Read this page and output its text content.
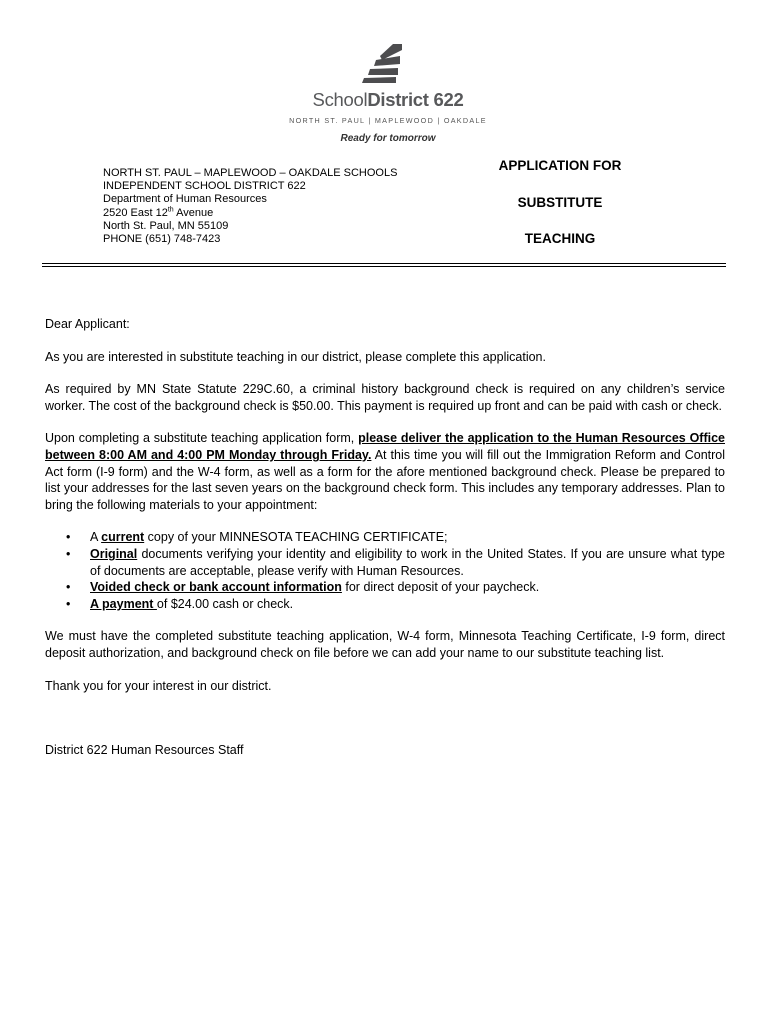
SchoolDistrict 622
NORTH ST. PAUL | MAPLEWOOD | OAKDALE
Ready for tomorrow
NORTH ST. PAUL – MAPLEWOOD – OAKDALE SCHOOLS
INDEPENDENT SCHOOL DISTRICT 622
Department of Human Resources
2520 East 12th Avenue
North St. Paul, MN 55109
PHONE (651) 748-7423
APPLICATION FOR
SUBSTITUTE
TEACHING

Dear Applicant:

As you are interested in substitute teaching in our district, please complete this application.

As required by MN State Statute 229C.60, a criminal history background check is required on any children’s service worker. The cost of the background check is $50.00. This payment is required up front and can be paid with cash or check.

Upon completing a substitute teaching application form, please deliver the application to the Human Resources Office between 8:00 AM and 4:00 PM Monday through Friday. At this time you will fill out the Immigration Reform and Control Act form (I-9 form) and the W-4 form, as well as a form for the afore mentioned background check. Please be prepared to list your addresses for the last seven years on the background check form. This includes any temporary addresses. Plan to bring the following materials to your appointment:

• A current copy of your MINNESOTA TEACHING CERTIFICATE;
• Original documents verifying your identity and eligibility to work in the United States. If you are unsure what type of documents are acceptable, please verify with Human Resources.
• Voided check or bank account information for direct deposit of your paycheck.
• A payment of $24.00 cash or check.

We must have the completed substitute teaching application, W-4 form, Minnesota Teaching Certificate, I-9 form, direct deposit authorization, and background check on file before we can add your name to our substitute teaching list.

Thank you for your interest in our district.

District 622 Human Resources Staff
